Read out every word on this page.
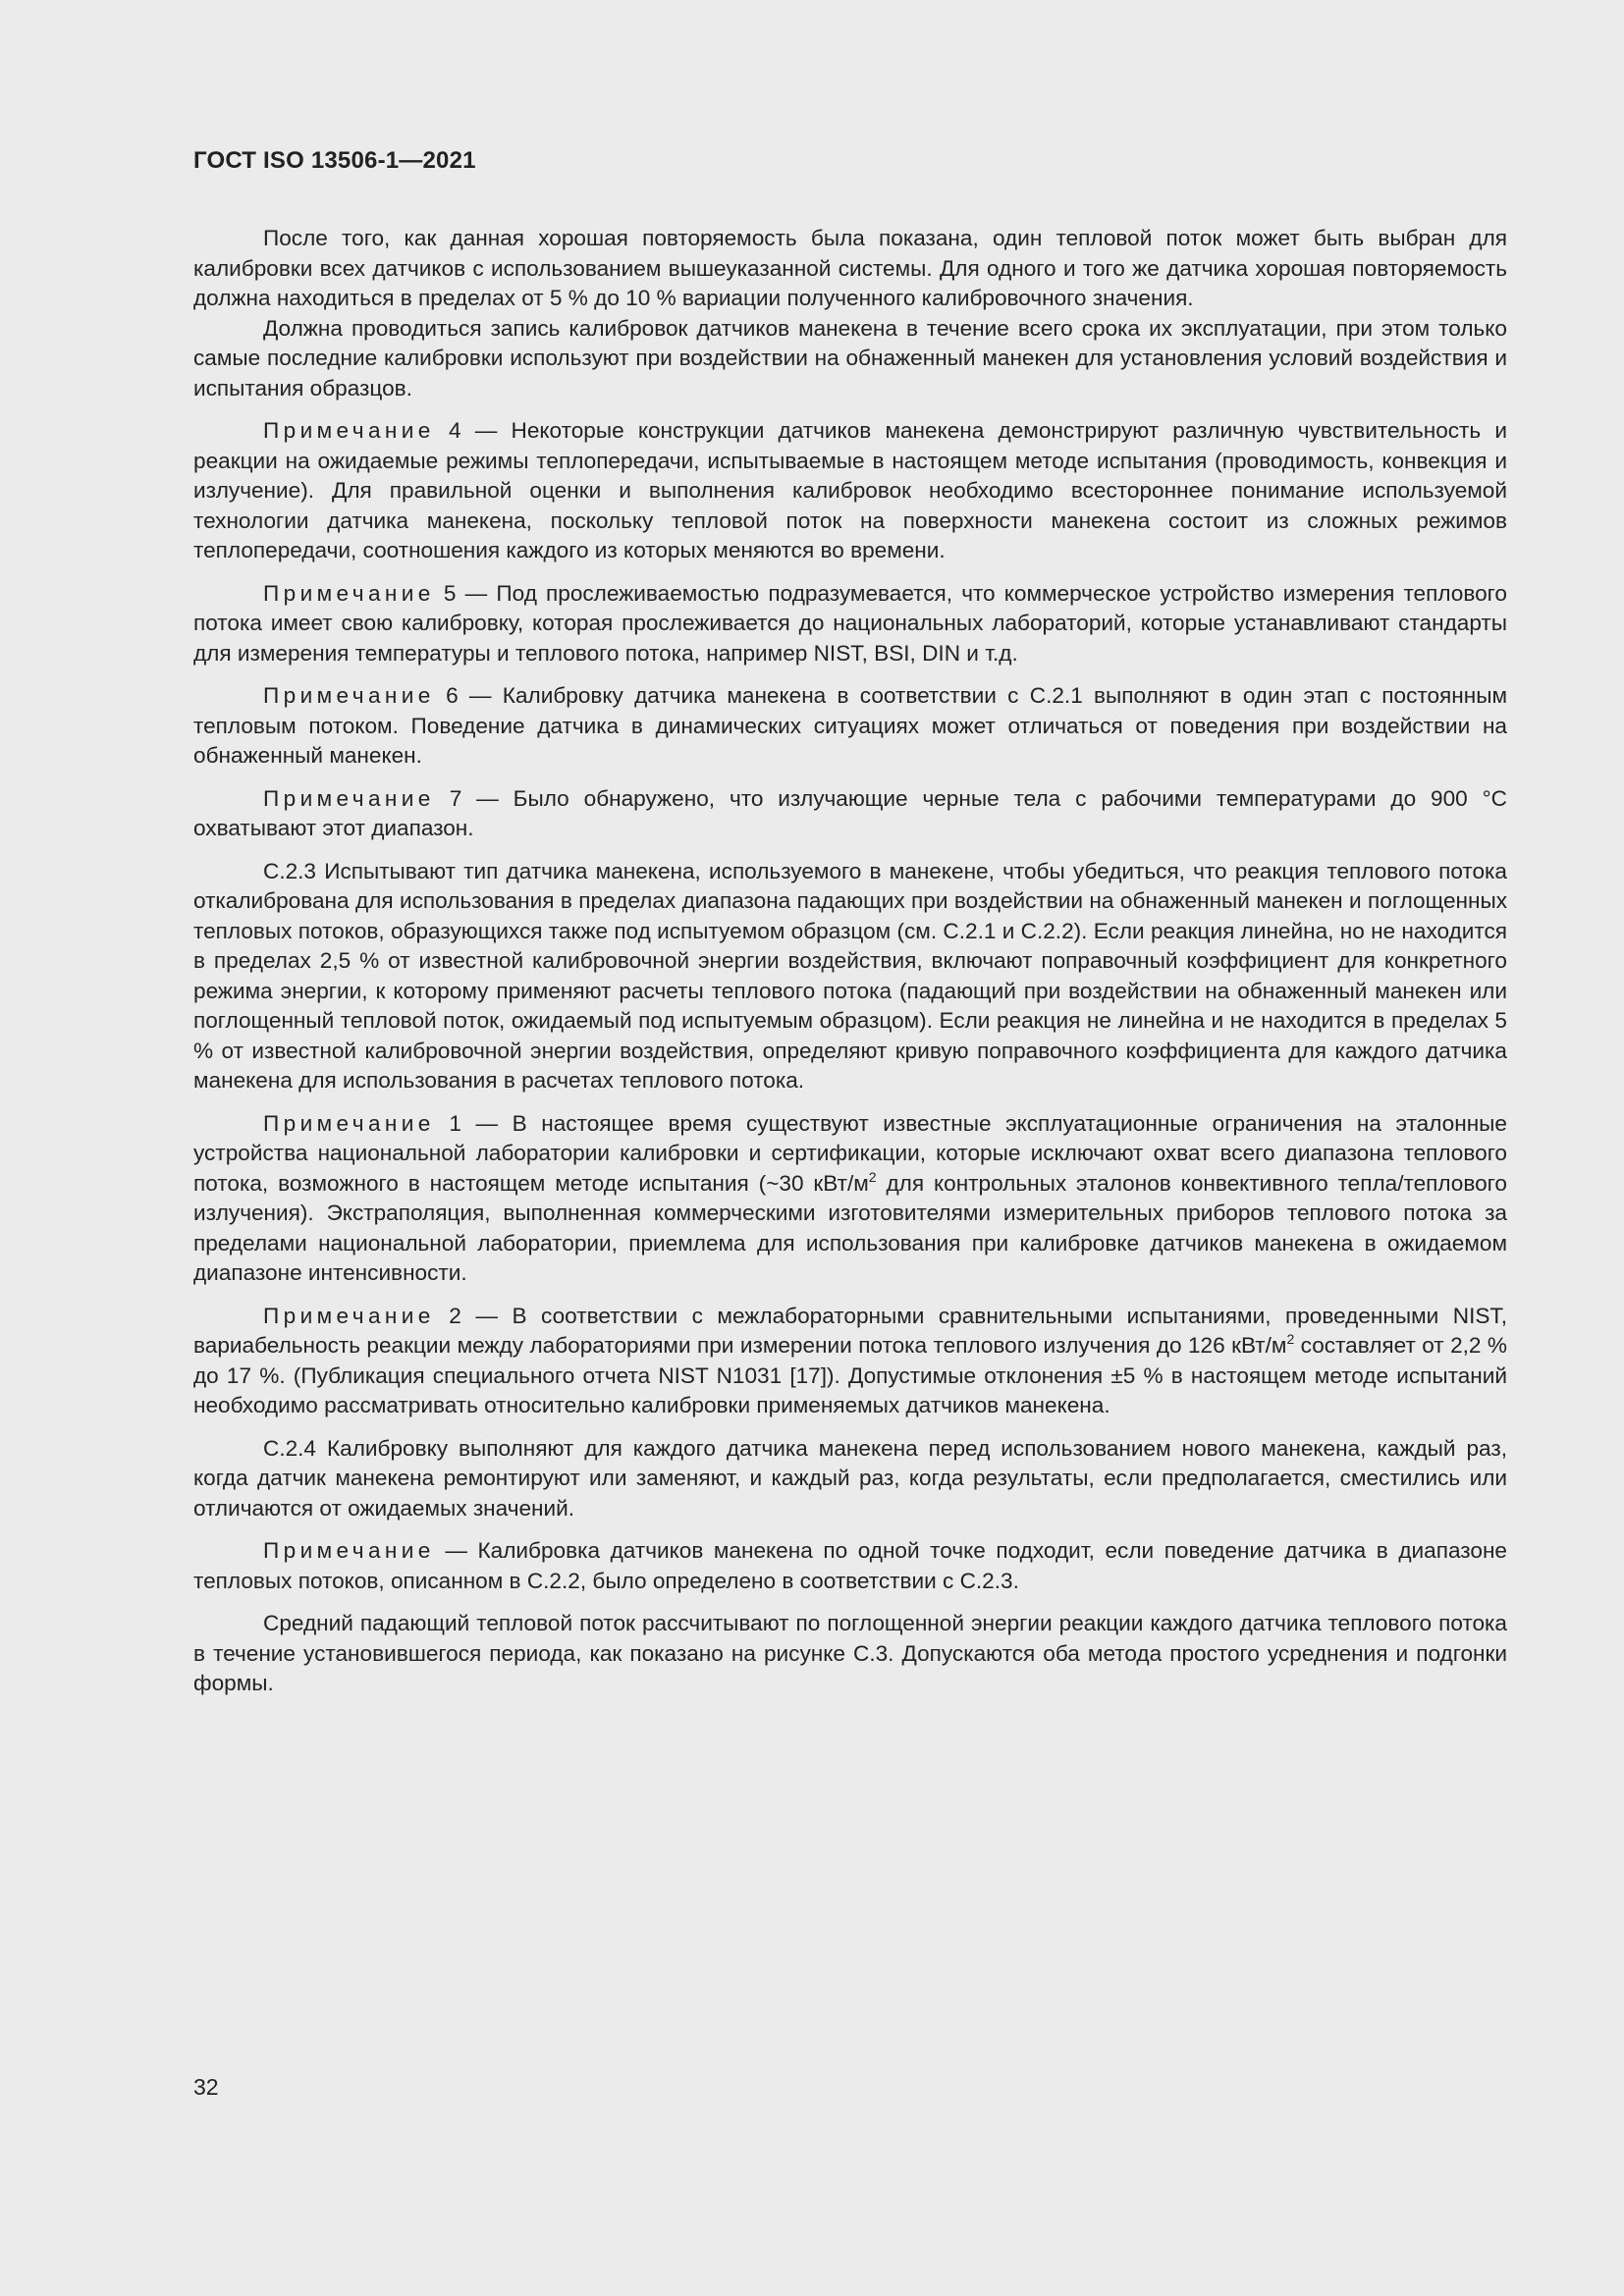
ГОСТ ISO 13506-1—2021

После того, как данная хорошая повторяемость была показана, один тепловой поток может быть выбран для калибровки всех датчиков с использованием вышеуказанной системы. Для одного и того же датчика хорошая повторяемость должна находиться в пределах от 5 % до 10 % вариации полученного калибровочного значения.

Должна проводиться запись калибровок датчиков манекена в течение всего срока их эксплуатации, при этом только самые последние калибровки используют при воздействии на обнаженный манекен для установления условий воздействия и испытания образцов.

Примечание 4 — Некоторые конструкции датчиков манекена демонстрируют различную чувствительность и реакции на ожидаемые режимы теплопередачи, испытываемые в настоящем методе испытания (проводимость, конвекция и излучение). Для правильной оценки и выполнения калибровок необходимо всестороннее понимание используемой технологии датчика манекена, поскольку тепловой поток на поверхности манекена состоит из сложных режимов теплопередачи, соотношения каждого из которых меняются во времени.

Примечание 5 — Под прослеживаемостью подразумевается, что коммерческое устройство измерения теплового потока имеет свою калибровку, которая прослеживается до национальных лабораторий, которые устанавливают стандарты для измерения температуры и теплового потока, например NIST, BSI, DIN и т.д.

Примечание 6 — Калибровку датчика манекена в соответствии с C.2.1 выполняют в один этап с постоянным тепловым потоком. Поведение датчика в динамических ситуациях может отличаться от поведения при воздействии на обнаженный манекен.

Примечание 7 — Было обнаружено, что излучающие черные тела с рабочими температурами до 900 °С охватывают этот диапазон.

С.2.3 Испытывают тип датчика манекена, используемого в манекене, чтобы убедиться, что реакция теплового потока откалибрована для использования в пределах диапазона падающих при воздействии на обнаженный манекен и поглощенных тепловых потоков, образующихся также под испытуемом образцом (см. С.2.1 и С.2.2). Если реакция линейна, но не находится в пределах 2,5 % от известной калибровочной энергии воздействия, включают поправочный коэффициент для конкретного режима энергии, к которому применяют расчеты теплового потока (падающий при воздействии на обнаженный манекен или поглощенный тепловой поток, ожидаемый под испытуемым образцом). Если реакция не линейна и не находится в пределах 5 % от известной калибровочной энергии воздействия, определяют кривую поправочного коэффициента для каждого датчика манекена для использования в расчетах теплового потока.

Примечание 1 — В настоящее время существуют известные эксплуатационные ограничения на эталонные устройства национальной лаборатории калибровки и сертификации, которые исключают охват всего диапазона теплового потока, возможного в настоящем методе испытания (~30 кВт/$м^2$ для контрольных эталонов конвективного тепла/теплового излучения). Экстраполяция, выполненная коммерческими изготовителями измерительных приборов теплового потока за пределами национальной лаборатории, приемлема для использования при калибровке датчиков манекена в ожидаемом диапазоне интенсивности.

Примечание 2 — В соответствии с межлабораторными сравнительными испытаниями, проведенными NIST, вариабельность реакции между лабораториями при измерении потока теплового излучения до 126 кВт/$м^2$ составляет от 2,2 % до 17 %. (Публикация специального отчета NIST N1031 [17]). Допустимые отклонения ±5 % в настоящем методе испытаний необходимо рассматривать относительно калибровки применяемых датчиков манекена.

С.2.4 Калибровку выполняют для каждого датчика манекена перед использованием нового манекена, каждый раз, когда датчик манекена ремонтируют или заменяют, и каждый раз, когда результаты, если предполагается, сместились или отличаются от ожидаемых значений.

Примечание — Калибровка датчиков манекена по одной точке подходит, если поведение датчика в диапазоне тепловых потоков, описанном в С.2.2, было определено в соответствии с С.2.3.

Средний падающий тепловой поток рассчитывают по поглощенной энергии реакции каждого датчика теплового потока в течение установившегося периода, как показано на рисунке С.3. Допускаются оба метода простого усреднения и подгонки формы.

32
